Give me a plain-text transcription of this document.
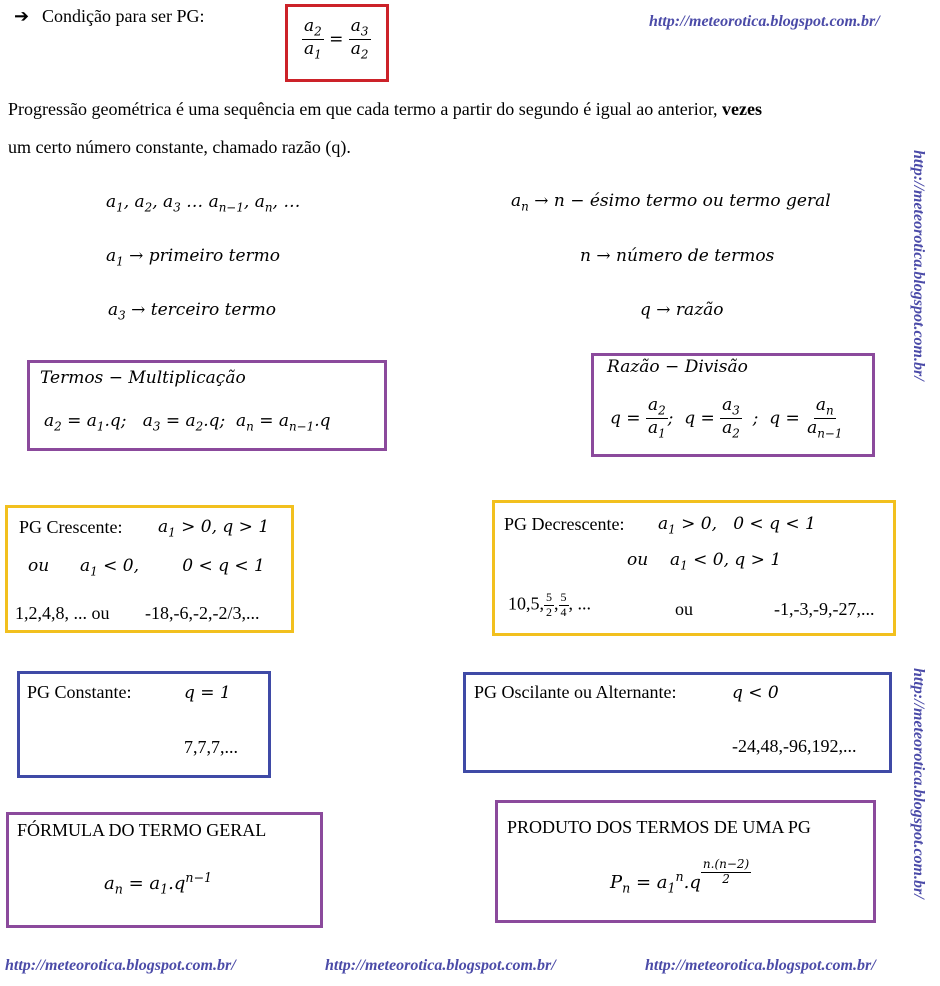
➔ Condição para ser PG:
$\frac{a_2}{a_1} = \frac{a_3}{a_2}$	http://meteorotica.blogspot.com.br/
Progressão geométrica é uma sequência em que cada termo a partir do segundo é igual ao anterior, vezes
um certo número constante, chamado razão (q).
http://meteorotica.blogspot.com.br/
http://meteorotica.blogspot.com.br/
$a_1$, $a_2$, $a_3$ … $a_{n-1}$, $a_n$, …
$a_1$ → primeiro termo
$a_3$ → terceiro termo
$a_n \to n$ − ésimo termo ou termo geral
n → número de termos
q → razão
Termos − Multiplicação
$a_2 = a_1.q$;   $a_3 = a_2.q$;  $a_n = a_{n-1}.q$
Razão − Divisão
$q = \frac{a_2}{a_1}$ ;  $q = \frac{a_3}{a_2}$ ;  $q = \frac{a_n}{a_{n-1}}$
PG Crescente: $a_1 > 0$, q > 1
ou $a_1 < 0$,        0 < q < 1
1,2,4,8, ... ou -18,-6,-2,-2/3,...
PG Decrescente: $a_1 > 0$,   0 < q < 1
ou $a_1 < 0$, q > 1
10,5, $\frac{5}{2}$ , $\frac{5}{4}$ , ...	ou	-1,-3,-9,-27,...
PG Constante:	q = 1
7,7,7,...
PG Oscilante ou Alternante:	q < 0
-24,48,-96,192,...
FÓRMULA DO TERMO GERAL
$a_n = a_1.q^{n-1}$
PRODUTO DOS TERMOS DE UMA PG
$P_n = a_1^n.q \frac{n.(n-2)}{2}$
http://meteorotica.blogspot.com.br/	http://meteorotica.blogspot.com.br/	http://meteorotica.blogspot.com.br/
